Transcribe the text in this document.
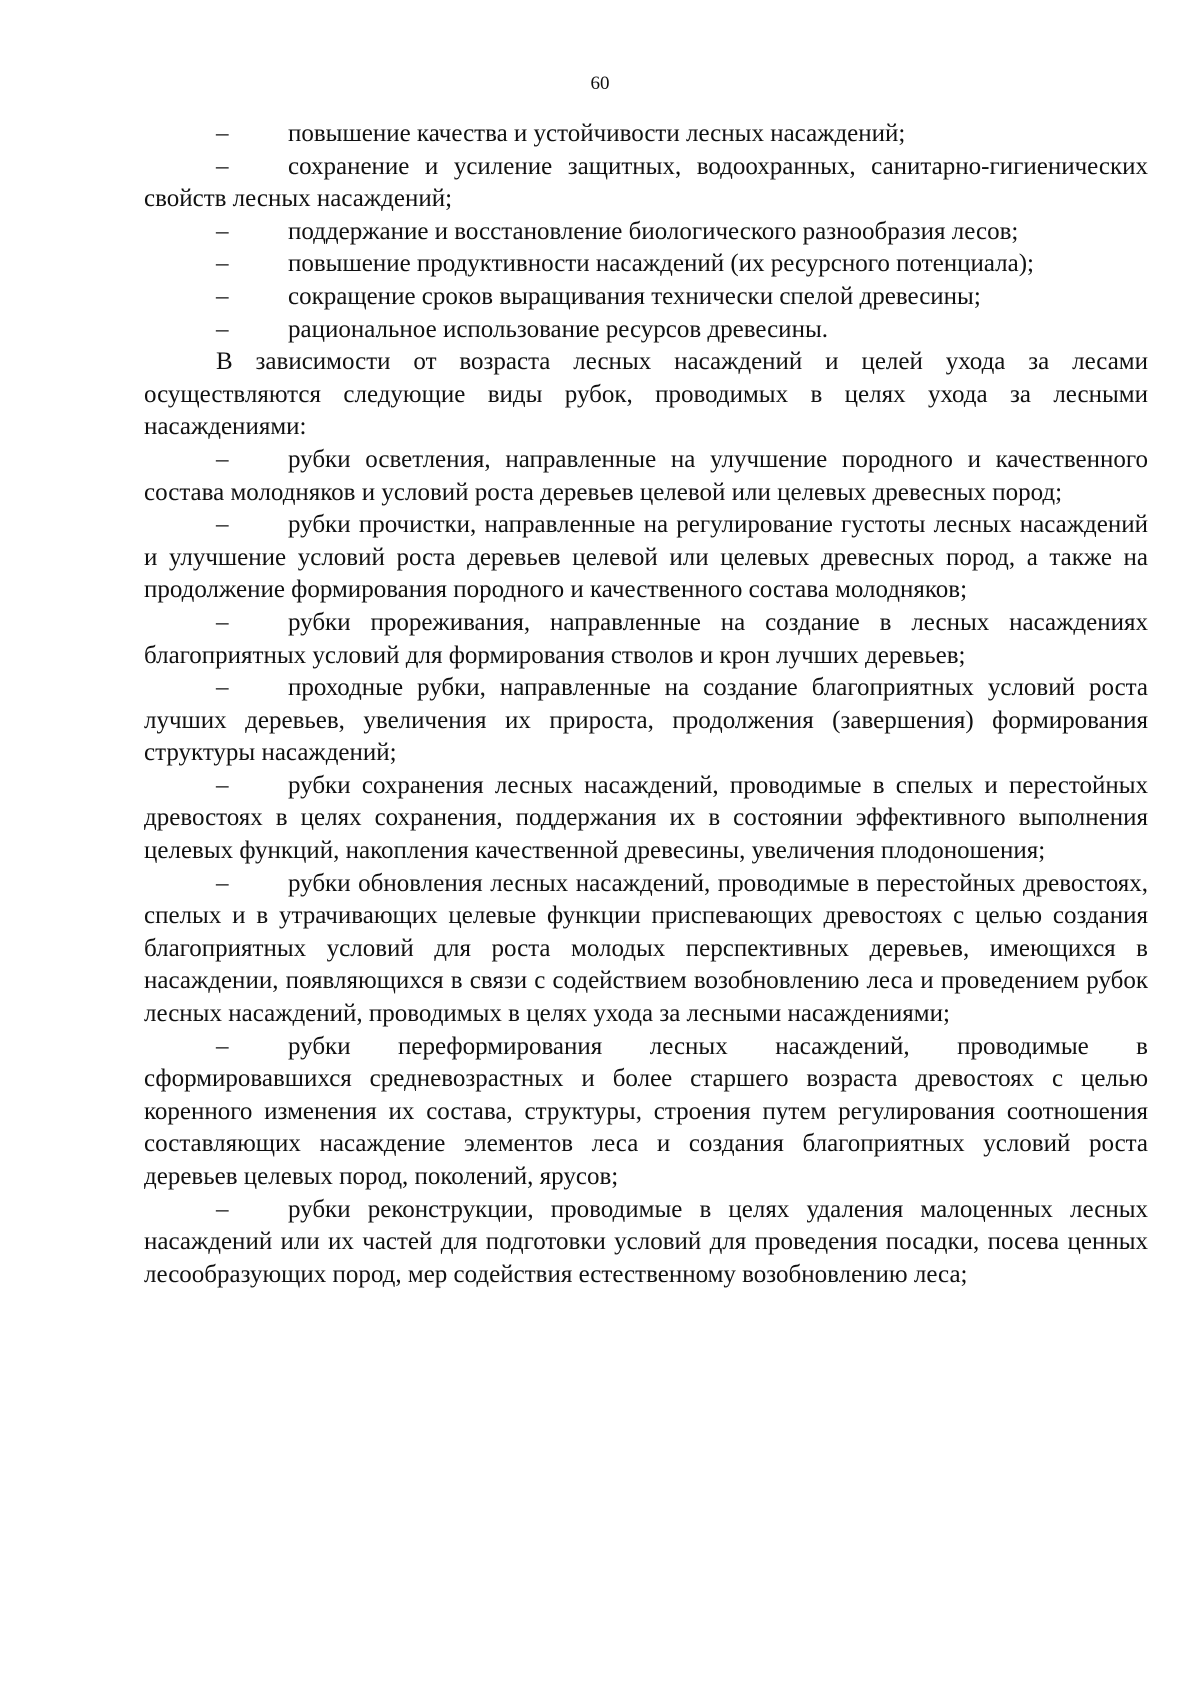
60

– повышение качества и устойчивости лесных насаждений;

– сохранение и усиление защитных, водоохранных, санитарно-гигиенических свойств лесных насаждений;

– поддержание и восстановление биологического разнообразия лесов;

– повышение продуктивности насаждений (их ресурсного потенциала);

– сокращение сроков выращивания технически спелой древесины;

– рациональное использование ресурсов древесины.

В зависимости от возраста лесных насаждений и целей ухода за лесами осуществляются следующие виды рубок, проводимых в целях ухода за лесными насаждениями:

– рубки осветления, направленные на улучшение породного и качественного состава молодняков и условий роста деревьев целевой или целевых древесных пород;

– рубки прочистки, направленные на регулирование густоты лесных насаждений и улучшение условий роста деревьев целевой или целевых древесных пород, а также на продолжение формирования породного и качественного состава молодняков;

– рубки прореживания, направленные на создание в лесных насаждениях благоприятных условий для формирования стволов и крон лучших деревьев;

– проходные рубки, направленные на создание благоприятных условий роста лучших деревьев, увеличения их прироста, продолжения (завершения) формирования структуры насаждений;

– рубки сохранения лесных насаждений, проводимые в спелых и перестойных древостоях в целях сохранения, поддержания их в состоянии эффективного выполнения целевых функций, накопления качественной древесины, увеличения плодоношения;

– рубки обновления лесных насаждений, проводимые в перестойных древостоях, спелых и в утрачивающих целевые функции приспевающих древостоях с целью создания благоприятных условий для роста молодых перспективных деревьев, имеющихся в насаждении, появляющихся в связи с содействием возобновлению леса и проведением рубок лесных насаждений, проводимых в целях ухода за лесными насаждениями;

– рубки переформирования лесных насаждений, проводимые в сформировавшихся средневозрастных и более старшего возраста древостоях с целью коренного изменения их состава, структуры, строения путем регулирования соотношения составляющих насаждение элементов леса и создания благоприятных условий роста деревьев целевых пород, поколений, ярусов;

– рубки реконструкции, проводимые в целях удаления малоценных лесных насаждений или их частей для подготовки условий для проведения посадки, посева ценных лесообразующих пород, мер содействия естественному возобновлению леса;
